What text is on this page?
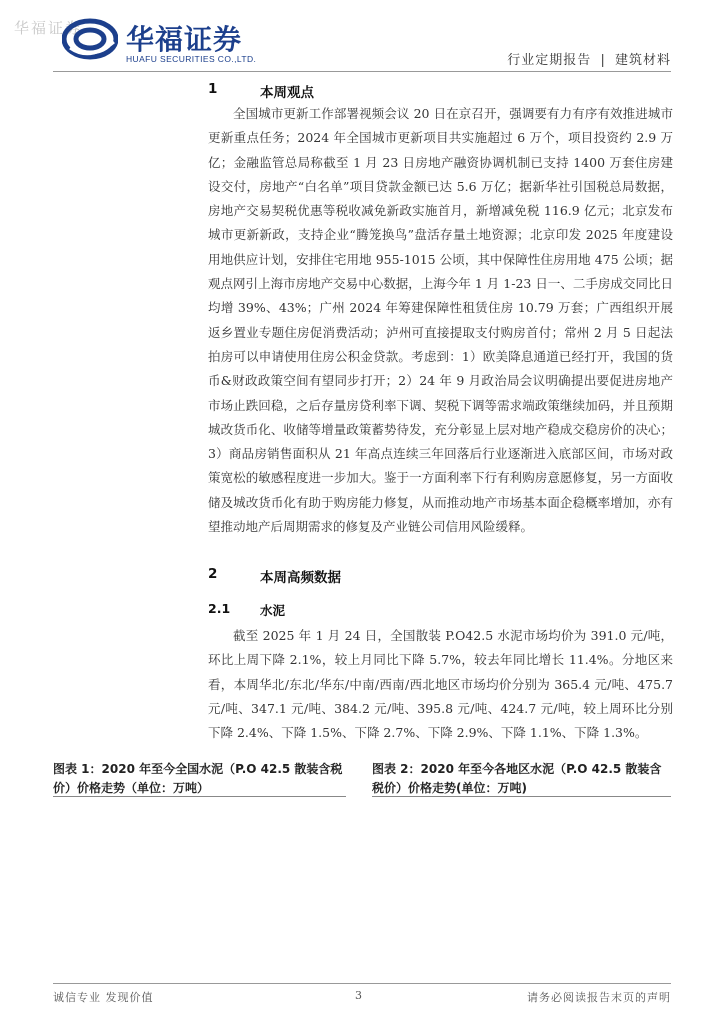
华福证券 华福证券
HUAFU SECURITIES CO.,LTD.	行业定期报告 | 建筑材料
1	本周观点

全国城市更新工作部署视频会议 20 日在京召开，强调要有力有序有效推进城市更新重点任务；2024 年全国城市更新项目共实施超过 6 万个，项目投资约 2.9 万亿；金融监管总局称截至 1 月 23 日房地产融资协调机制已支持 1400 万套住房建设交付，房地产“白名单”项目贷款金额已达 5.6 万亿；据新华社引国税总局数据，房地产交易契税优惠等税收减免新政实施首月，新增减免税 116.9 亿元；北京发布城市更新新政，支持企业“腾笼换鸟”盘活存量土地资源；北京印发 2025 年度建设用地供应计划，安排住宅用地 955-1015 公顷，其中保障性住房用地 475 公顷；据观点网引上海市房地产交易中心数据，上海今年 1 月 1-23 日一、二手房成交同比日均增 39%、43%；广州 2024 年筹建保障性租赁住房 10.79 万套；广西组织开展返乡置业专题住房促消费活动；泸州可直接提取支付购房首付；常州 2 月 5 日起法拍房可以申请使用住房公积金贷款。考虑到：1）欧美降息通道已经打开，我国的货币&财政政策空间有望同步打开；2）24 年 9 月政治局会议明确提出要促进房地产市场止跌回稳，之后存量房贷利率下调、契税下调等需求端政策继续加码，并且预期城改货币化、收储等增量政策蓄势待发，充分彰显上层对地产稳成交稳房价的决心；3）商品房销售面积从 21 年高点连续三年回落后行业逐渐进入底部区间，市场对政策宽松的敏感程度进一步加大。鉴于一方面利率下行有利购房意愿修复，另一方面收储及城改货币化有助于购房能力修复，从而推动地产市场基本面企稳概率增加，亦有望推动地产后周期需求的修复及产业链公司信用风险缓释。

2	本周高频数据
2.1 水泥

截至 2025 年 1 月 24 日，全国散装 P.O42.5 水泥市场均价为 391.0 元/吨，环比上周下降 2.1%，较上月同比下降 5.7%，较去年同比增长 11.4%。分地区来看，本周华北/东北/华东/中南/西南/西北地区市场均价分别为 365.4 元/吨、475.7 元/吨、347.1 元/吨、384.2 元/吨、395.8 元/吨、424.7 元/吨，较上周环比分别下降 2.4%、下降 1.5%、下降 2.7%、下降 2.9%、下降 1.1%、下降 1.3%。

图表 1：2020 年至今全国水泥（P.O 42.5 散装含税价）价格走势（单位：万吨）
图表 2：2020 年至今各地区水泥（P.O 42.5 散装含税价）价格走势(单位：万吨)
诚信专业 发现价值	3	请务必阅读报告末页的声明
